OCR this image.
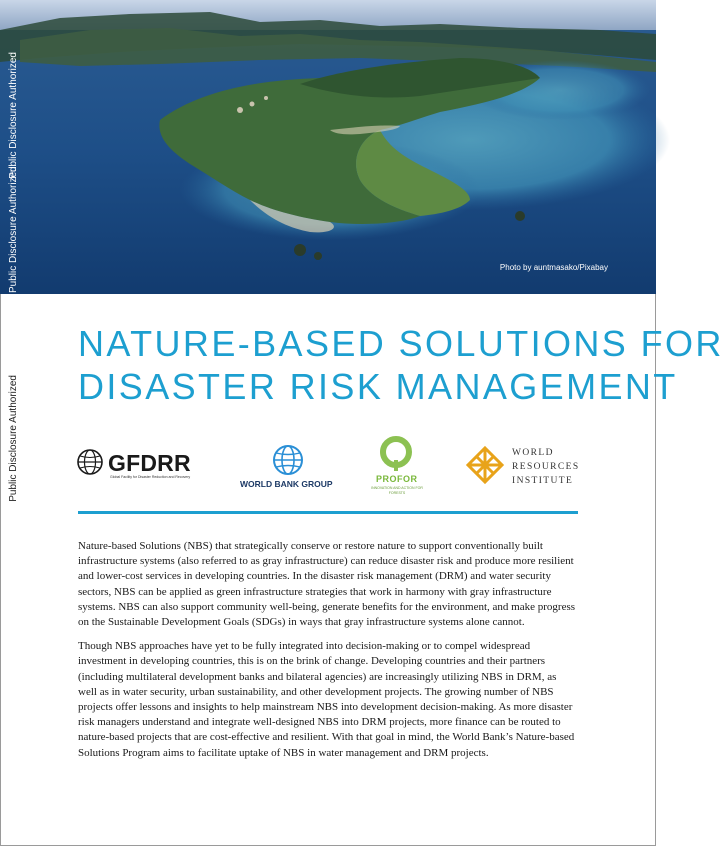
Photo by auntmasako/Pixabay
Public Disclosure Authorized
Public Disclosure Authorized
Public Disclosure Authorized
NATURE-BASED SOLUTIONS FOR
DISASTER RISK MANAGEMENT
GFDRR
Global Facility for Disaster Reduction and Recovery
WORLD BANK GROUP	PROFOR
INNOVATION AND ACTION FOR FORESTS
WORLD
RESOURCES
INSTITUTE

Nature-based Solutions (NBS) that strategically conserve or restore nature to support conventionally built infrastructure systems (also referred to as gray infrastructure) can reduce disaster risk and produce more resilient and lower-cost services in developing countries. In the disaster risk management (DRM) and water security sectors, NBS can be applied as green infrastructure strategies that work in harmony with gray infrastructure systems. NBS can also support community well-being, generate benefits for the environment, and make progress on the Sustainable Development Goals (SDGs) in ways that gray infrastructure systems alone cannot.

Though NBS approaches have yet to be fully integrated into decision-making or to compel widespread investment in developing countries, this is on the brink of change. Developing countries and their partners (including multilateral development banks and bilateral agencies) are increasingly utilizing NBS in DRM, as well as in water security, urban sustainability, and other development projects. The growing number of NBS projects offer lessons and insights to help mainstream NBS into development decision-making. As more disaster risk managers understand and integrate well-designed NBS into DRM projects, more finance can be routed to nature-based projects that are cost-effective and resilient. With that goal in mind, the World Bank’s Nature-based Solutions Program aims to facilitate uptake of NBS in water management and DRM projects.
